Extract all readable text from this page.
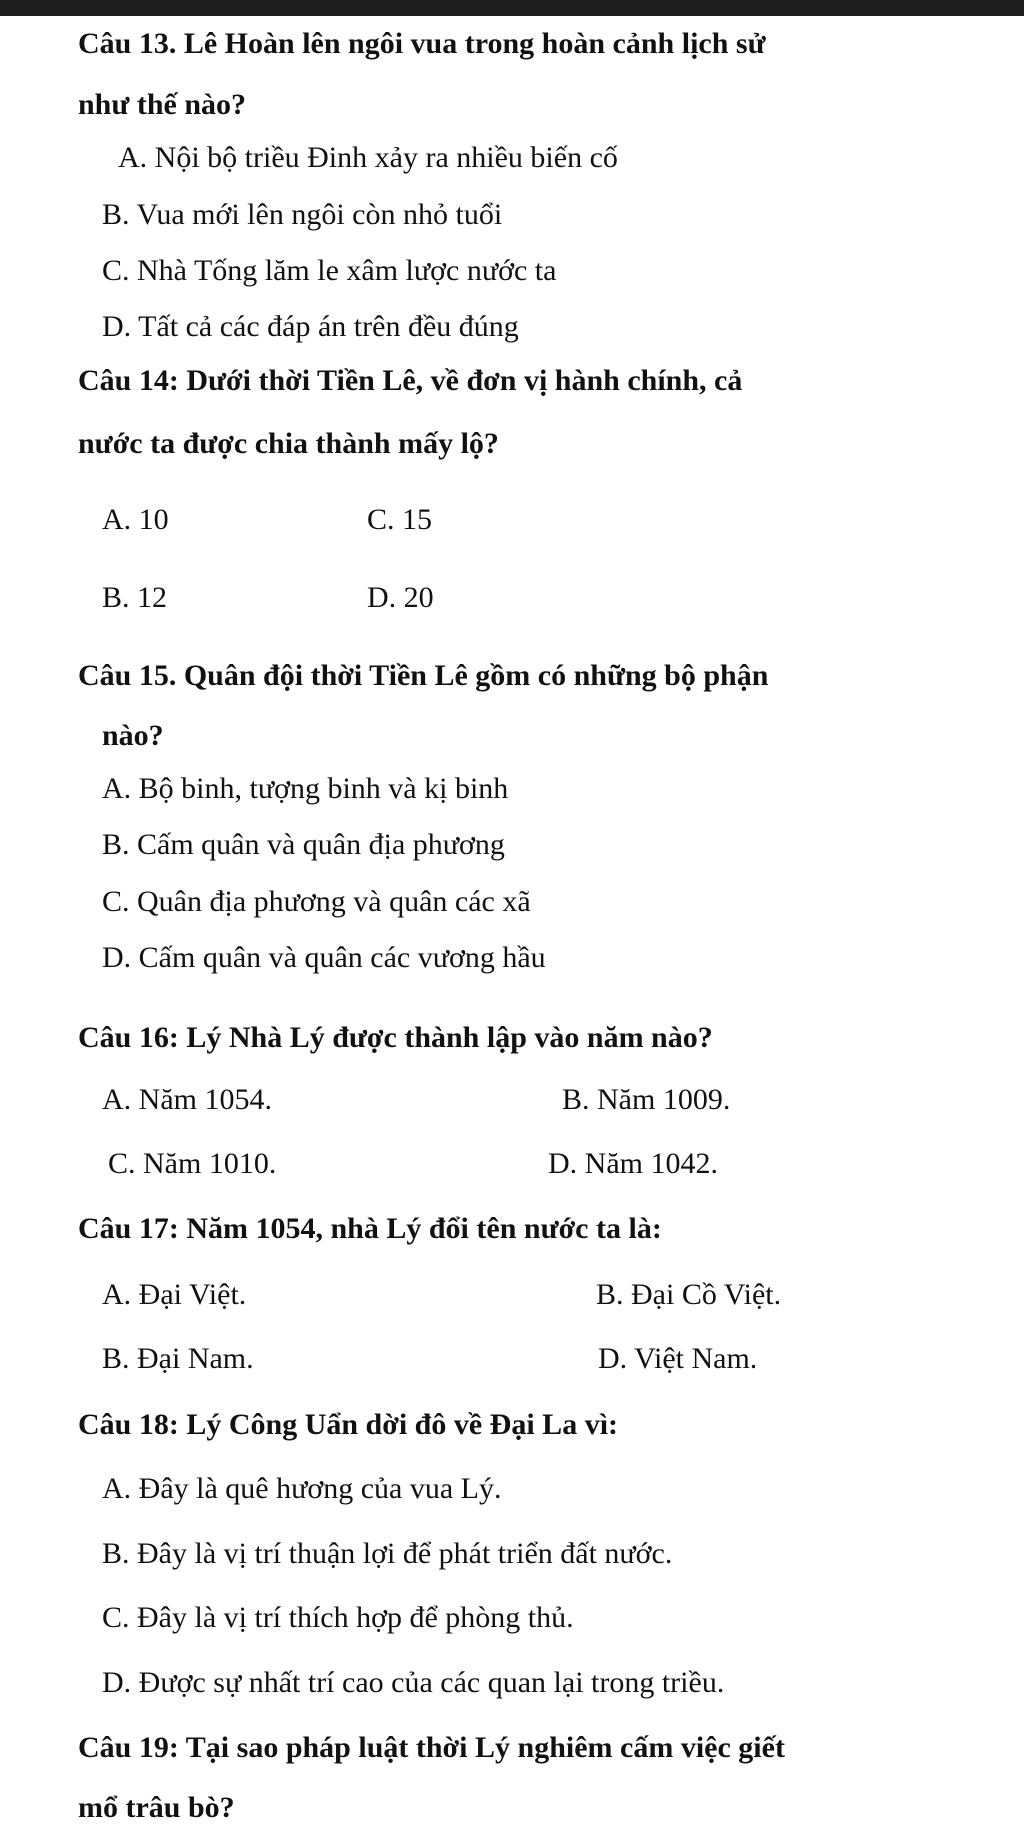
Câu 13. Lê Hoàn lên ngôi vua trong hoàn cảnh lịch sử
như thế nào?
A. Nội bộ triều Đinh xảy ra nhiều biến cố
B. Vua mới lên ngôi còn nhỏ tuổi
C. Nhà Tống lăm le xâm lược nước ta
D. Tất cả các đáp án trên đều đúng
Câu 14: Dưới thời Tiền Lê, về đơn vị hành chính, cả
nước ta được chia thành mấy lộ?
A. 10	C. 15
B. 12	D. 20
Câu 15. Quân đội thời Tiền Lê gồm có những bộ phận
nào?
A. Bộ binh, tượng binh và kị binh
B. Cấm quân và quân địa phương
C. Quân địa phương và quân các xã
D. Cấm quân và quân các vương hầu
Câu 16: Lý Nhà Lý được thành lập vào năm nào?
A. Năm 1054.	B. Năm 1009.
C. Năm 1010.	D. Năm 1042.
Câu 17: Năm 1054, nhà Lý đổi tên nước ta là:
A. Đại Việt.	B. Đại Cồ Việt.
B. Đại Nam.	D. Việt Nam.
Câu 18: Lý Công Uẩn dời đô về Đại La vì:
A. Đây là quê hương của vua Lý.
B. Đây là vị trí thuận lợi để phát triển đất nước.
C. Đây là vị trí thích hợp để phòng thủ.
D. Được sự nhất trí cao của các quan lại trong triều.
Câu 19: Tại sao pháp luật thời Lý nghiêm cấm việc giết
mổ trâu bò?
